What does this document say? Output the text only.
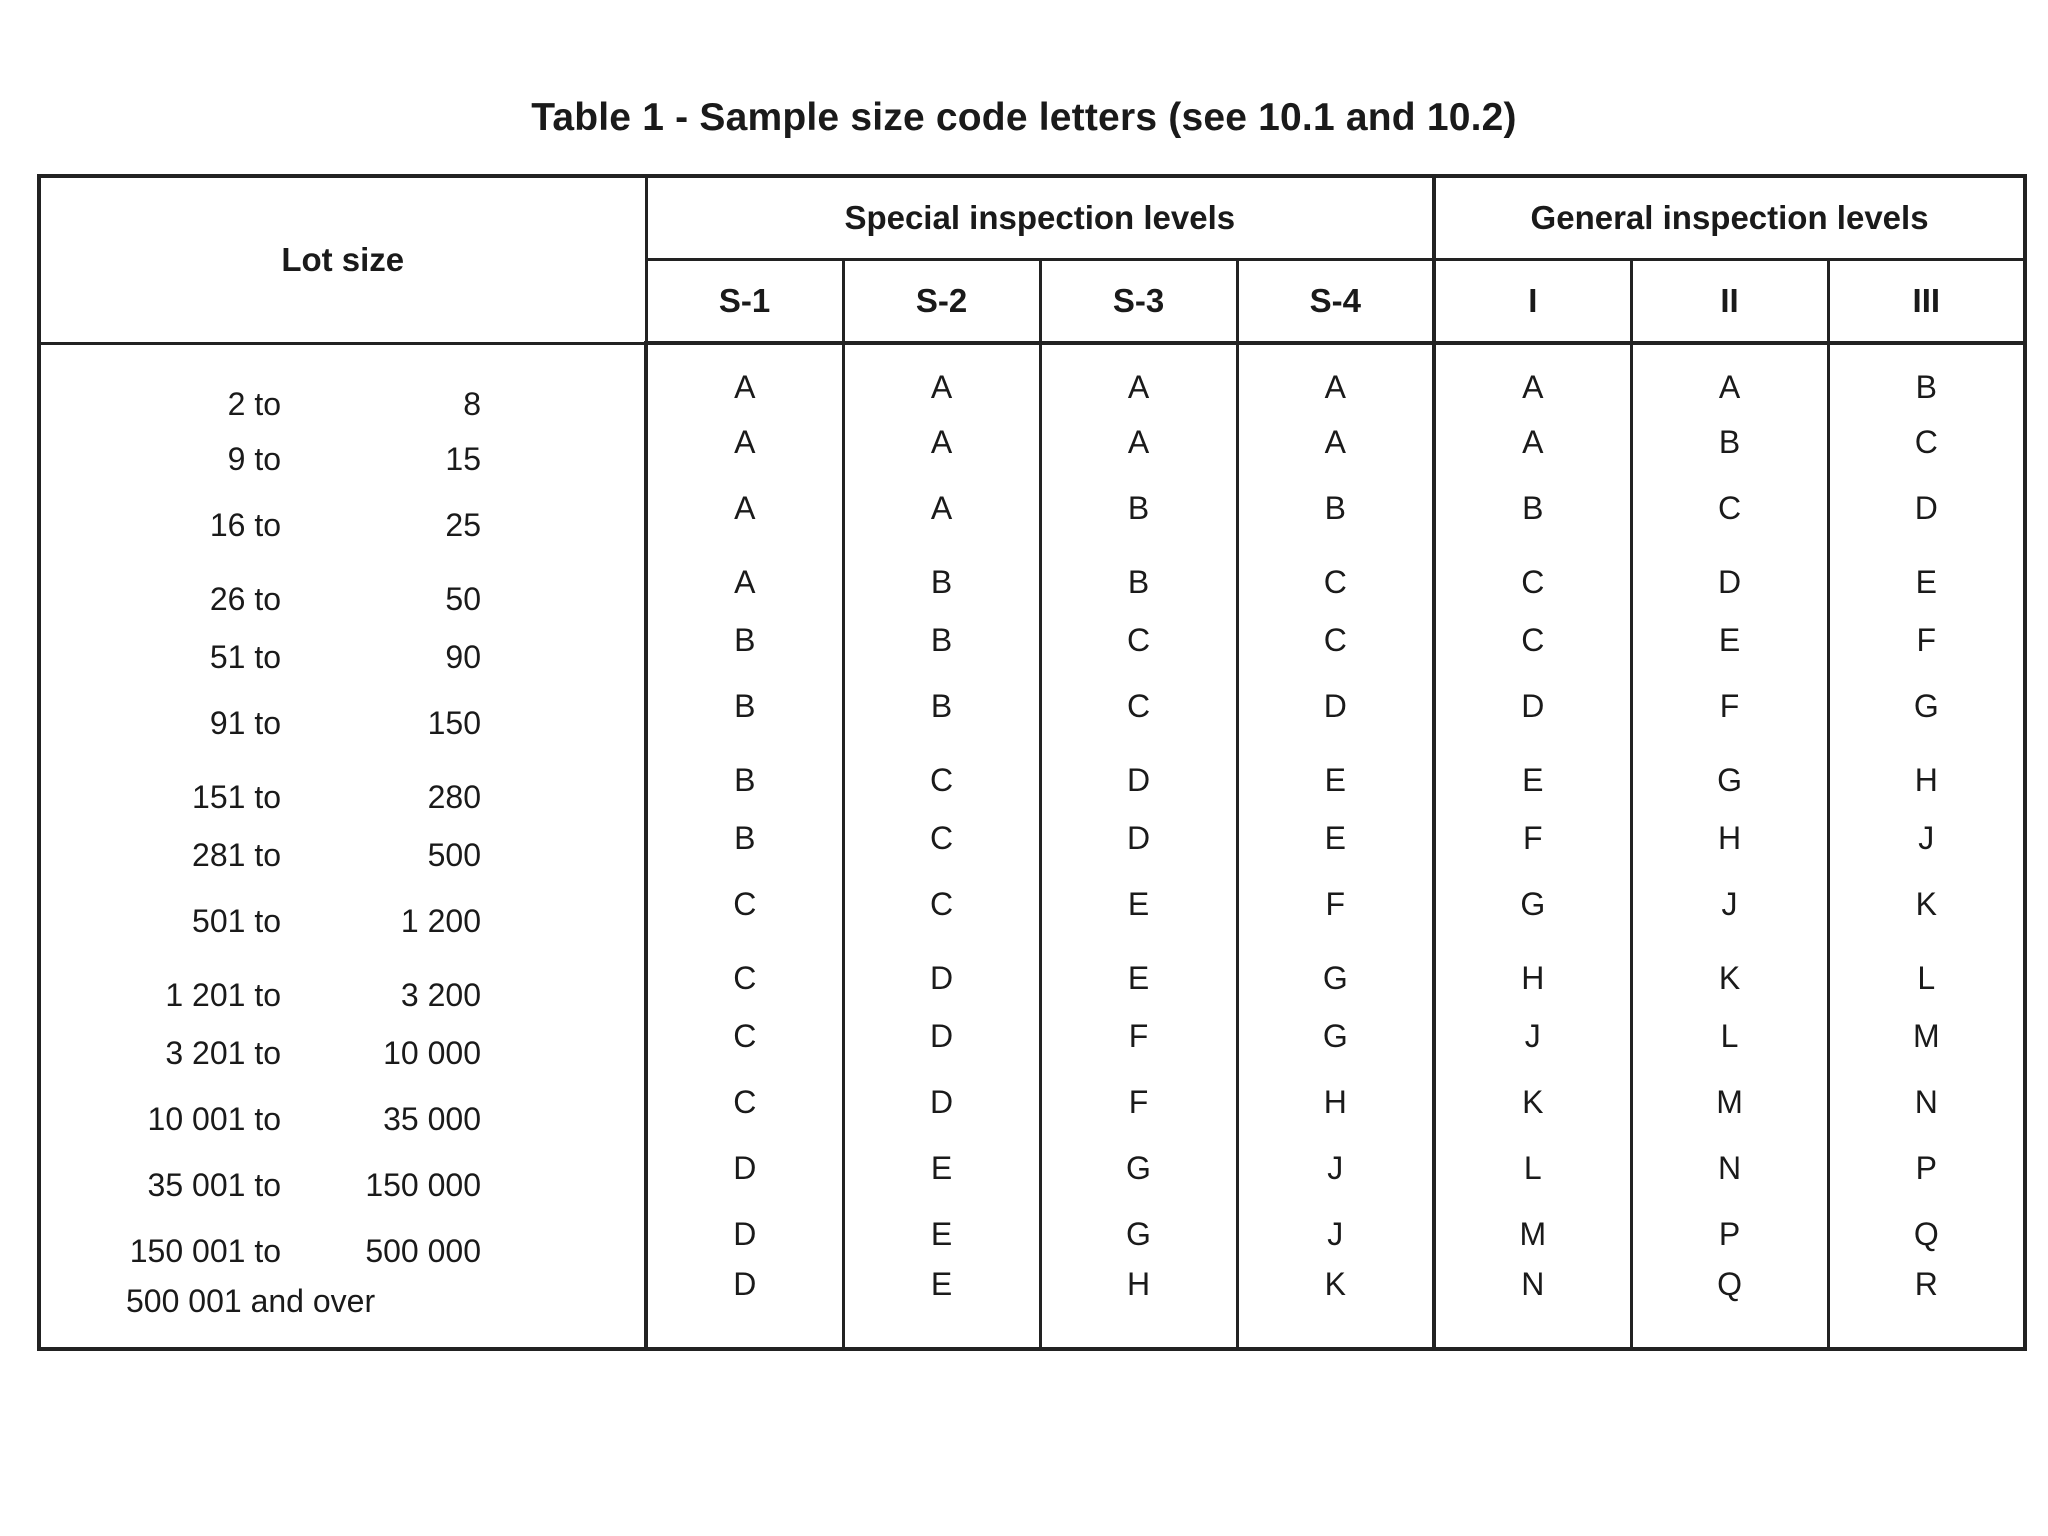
Table 1 - Sample size code letters (see 10.1 and 10.2)
Lot size	Special inspection levels				General inspection levels		
	S-1	S-2	S-3	S-4	I	II	III

2 to 8	A	A	A	A	A	A	B

9 to 15	A	A	A	A	A	B	C

16 to 25	A	A	B	B	B	C	D

26 to 50	A	B	B	C	C	D	E

51 to 90	B	B	C	C	C	E	F

91 to 150	B	B	C	D	D	F	G

151 to 280	B	C	D	E	E	G	H

281 to 500	B	C	D	E	F	H	J

501 to 1 200	C	C	E	F	G	J	K

1 201 to 3 200	C	D	E	G	H	K	L

3 201 to 10 000	C	D	F	G	J	L	M

10 001 to 35 000	C	D	F	H	K	M	N

35 001 to 150 000	D	E	G	J	L	N	P

150 001 to 500 000	D	E	G	J	M	P	Q

500 001 and over	D	E	H	K	N	Q	R
